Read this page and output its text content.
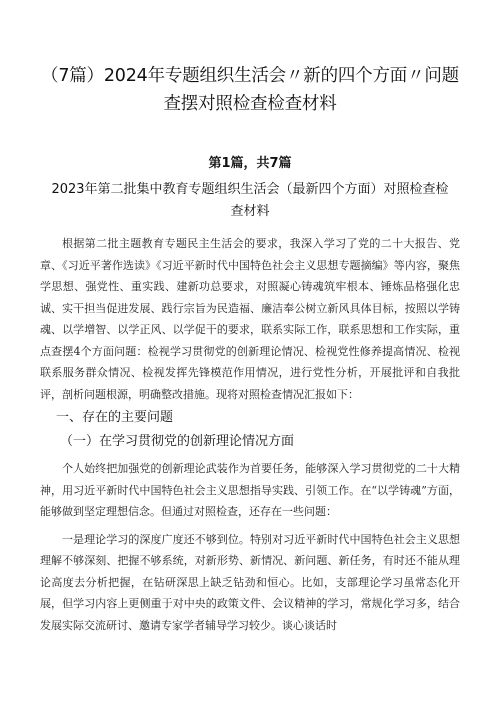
（7篇）2024年专题组织生活会〃新的四个方面〃问题
查摆对照检查检查材料
第1篇，共7篇
2023年第二批集中教育专题组织生活会（最新四个方面）对照检查检
查材料

根据第二批主题教育专题民主生活会的要求，我深入学习了党的二十大报告、党章、《习近平著作选读》《习近平新时代中国特色社会主义思想专题摘编》等内容，聚焦学思想、强党性、重实践、建新功总要求，对照凝心铸魂筑牢根本、锤炼品格强化忠诚、实干担当促进发展、践行宗旨为民造福、廉洁奉公树立新风具体目标，按照以学铸魂、以学增智、以学正风、以学促干的要求，联系实际工作，联系思想和工作实际，重点查摆4个方面问题：检视学习贯彻党的创新理论情况、检视党性修养提高情况、检视联系服务群众情况、检视发挥先锋模范作用情况，进行党性分析，开展批评和自我批评，剖析问题根源，明确整改措施。现将对照检查情况汇报如下：

一、存在的主要问题
（一）在学习贯彻党的创新理论情况方面

个人始终把加强党的创新理论武装作为首要任务，能够深入学习贯彻党的二十大精神，用习近平新时代中国特色社会主义思想指导实践、引领工作。在“以学铸魂”方面，能够做到坚定理想信念。但通过对照检查，还存在一些问题：

一是理论学习的深度广度还不够到位。特别对习近平新时代中国特色社会主义思想理解不够深刻、把握不够系统，对新形势、新情况、新问题、新任务，有时还不能从理论高度去分析把握，在钻研深思上缺乏钻劲和恒心。比如，支部理论学习虽常态化开展，但学习内容上更侧重于对中央的政策文件、会议精神的学习，常规化学习多，结合发展实际交流研讨、邀请专家学者辅导学习较少。谈心谈话时
